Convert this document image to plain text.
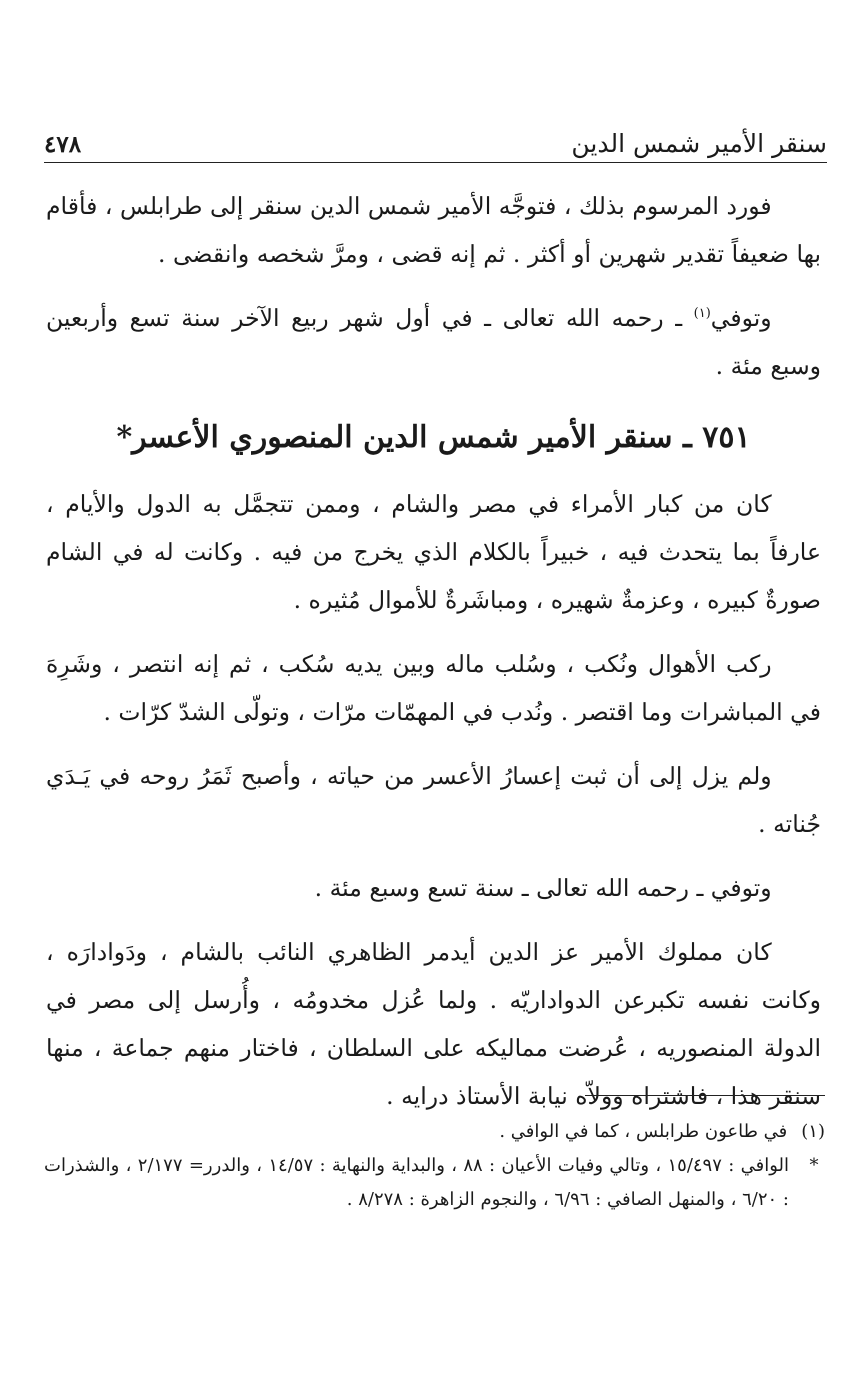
سنقر الأمير شمس الدين
٤٧٨

فورد المرسوم بذلك ، فتوجَّه الأمير شمس الدين سنقر إلى طرابلس ، فأقام بها ضعيفاً تقدير شهرين أو أكثر . ثم إنه قضى ، ومرَّ شخصه وانقضى .

وتوفي$^{(١)}$ ـ رحمه الله تعالى ـ في أول شهر ربيع الآخر سنة تسع وأربعين وسبع مئة .

٧٥١ ـ سنقر الأمير شمس الدين المنصوري الأعسر*

كان من كبار الأمراء في مصر والشام ، وممن تتجمَّل به الدول والأيام ، عارفاً بما يتحدث فيه ، خبيراً بالكلام الذي يخرج من فيه . وكانت له في الشام صورةٌ كبيره ، وعزمةٌ شهيره ، ومباشَرةٌ للأموال مُثيره .

ركب الأهوال ونُكب ، وسُلب ماله وبين يديه سُكب ، ثم إنه انتصر ، وشَرِهَ في المباشرات وما اقتصر . ونُدب في المهمّات مرّات ، وتولّى الشدّ كرّات .

ولم يزل إلى أن ثبت إعسارُ الأعسر من حياته ، وأصبح ثَمَرُ روحه في يَـدَي جُناته .

وتوفي ـ رحمه الله تعالى ـ سنة تسع وسبع مئة .

كان مملوك الأمير عز الدين أيدمر الظاهري النائب بالشام ، ودَوادارَه ، وكانت نفسه تكبرعن الدواداريّه . ولما عُزل مخدومُه ، وأُرسل إلى مصر في الدولة المنصوريه ، عُرضت مماليكه على السلطان ، فاختار منهم جماعة ، منها سنقر هذا ، فاشتراه وولاّه نيابة الأستاذ درايه .

(١)
في طاعون طرابلس ، كما في الوافي .
*
الوافي : ١٥/٤٩٧ ، وتالي وفيات الأعيان : ٨٨ ، والبداية والنهاية : ١٤/٥٧ ، والدرر= ٢/١٧٧ ، والشذرات : ٦/٢٠ ، والمنهل الصافي : ٦/٩٦ ، والنجوم الزاهرة : ٨/٢٧٨ .
